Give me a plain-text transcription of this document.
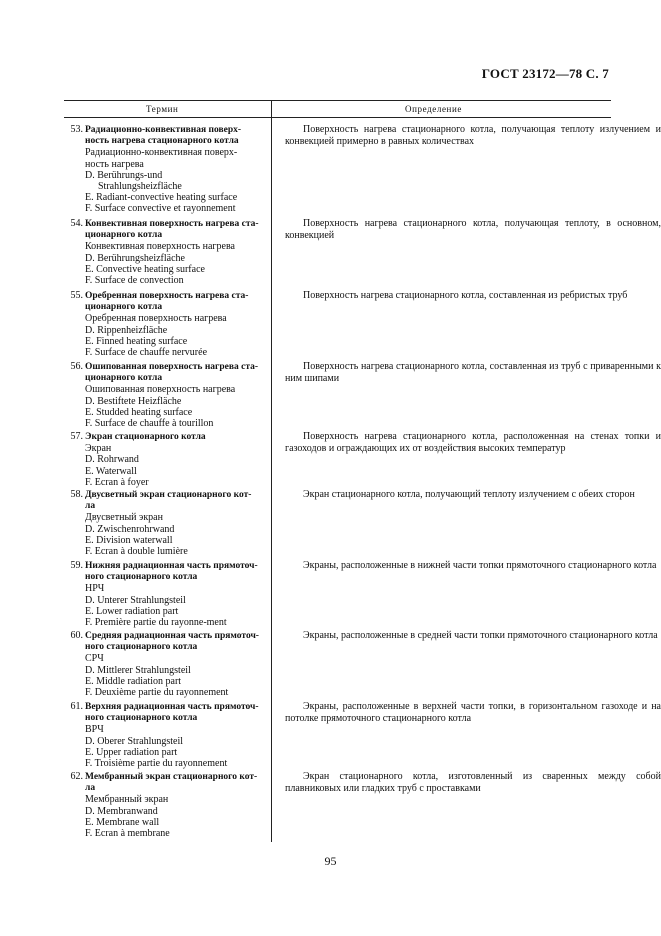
ГОСТ 23172—78 С. 7
Термин	Определение
53. Радиационно-конвективная поверх-
ность нагрева стационарного котла
Радиационно-конвективная поверх-
ность нагрева
D. Berührungs-und
Strahlungsheizfläche
E. Radiant-convective heating surface
F. Surface convective et rayonnement
Поверхность нагрева стационарного котла, получающая теплоту излучением и конвекцией примерно в равных количествах
54. Конвективная поверхность нагрева ста-
ционарного котла
Конвективная поверхность нагрева
D. Berührungsheizfläche
E. Convective heating surface
F. Surface de convection
Поверхность нагрева стационарного котла, получающая теплоту, в основном, конвекцией
55. Оребренная поверхность нагрева ста-
ционарного котла
Оребренная поверхность нагрева
D. Rippenheizfläche
E. Finned heating surface
F. Surface de chauffe nervurée
Поверхность нагрева стационарного котла, составленная из ребристых труб
56. Ошипованная поверхность нагрева ста-
ционарного котла
Ошипованная поверхность нагрева
D. Bestiftete Heizfläche
E. Studded heating surface
F. Surface de chauffe à tourillon
Поверхность нагрева стационарного котла, составленная из труб с приваренными к ним шипами
57. Экран стационарного котла
Экран
D. Rohrwand
E. Waterwall
F. Ecran à foyer
Поверхность нагрева стационарного котла, расположенная на стенах топки и газоходов и ограждающих их от воздействия высоких температур
58. Двусветный экран стационарного кот-
ла
Двусветный экран
D. Zwischenrohrwand
E. Division waterwall
F. Ecran à double lumière
Экран стационарного котла, получающий теплоту излучением с обеих сторон
59. Нижняя радиационная часть прямоточ-
ного стационарного котла
НРЧ
D. Unterer Strahlungsteil
E. Lower radiation part
F. Première partie du rayonne-ment
Экраны, расположенные в нижней части топки прямоточного стационарного котла
60. Средняя радиационная часть прямоточ-
ного стационарного котла
СРЧ
D. Mittlerer Strahlungsteil
E. Middle radiation part
F. Deuxième partie du rayonnement
Экраны, расположенные в средней части топки прямоточного стационарного котла
61. Верхняя радиационная часть прямоточ-
ного стационарного котла
ВРЧ
D. Oberer Strahlungsteil
E. Upper radiation part
F. Troisième partie du rayonnement
Экраны, расположенные в верхней части топки, в горизонтальном газоходе и на потолке прямоточного стационарного котла
62. Мембранный экран стационарного кот-
ла
Мембранный экран
D. Membranwand
E. Membrane wall
F. Ecran à membrane
Экран стационарного котла, изготовленный из сваренных между собой плавниковых или гладких труб с проставками
95
